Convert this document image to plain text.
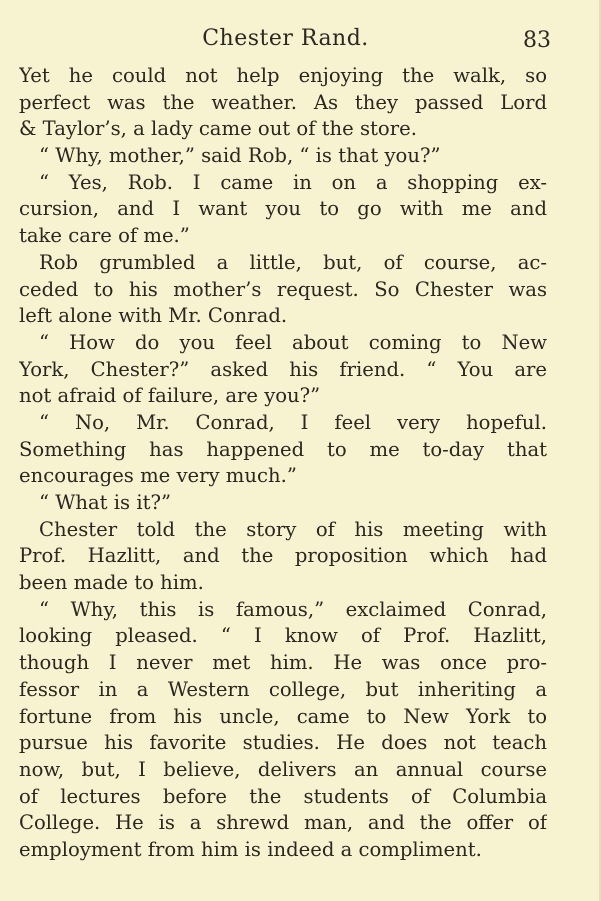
Chester Rand.	83
Yet he could not help enjoying the walk, so
perfect was the weather. As they passed Lord
& Taylor’s, a lady came out of the store.
“ Why, mother,” said Rob, “ is that you?”
“ Yes, Rob. I came in on a shopping ex-
cursion, and I want you to go with me and
take care of me.”
Rob grumbled a little, but, of course, ac-
ceded to his mother’s request. So Chester was
left alone with Mr. Conrad.
“ How do you feel about coming to New
York, Chester?” asked his friend. “ You are
not afraid of failure, are you?”
“ No, Mr. Conrad, I feel very hopeful.
Something has happened to me to-day that
encourages me very much.”
“ What is it?”
Chester told the story of his meeting with
Prof. Hazlitt, and the proposition which had
been made to him.
“ Why, this is famous,” exclaimed Conrad,
looking pleased. “ I know of Prof. Hazlitt,
though I never met him. He was once pro-
fessor in a Western college, but inheriting a
fortune from his uncle, came to New York to
pursue his favorite studies. He does not teach
now, but, I believe, delivers an annual course
of lectures before the students of Columbia
College. He is a shrewd man, and the offer of
employment from him is indeed a compliment.
